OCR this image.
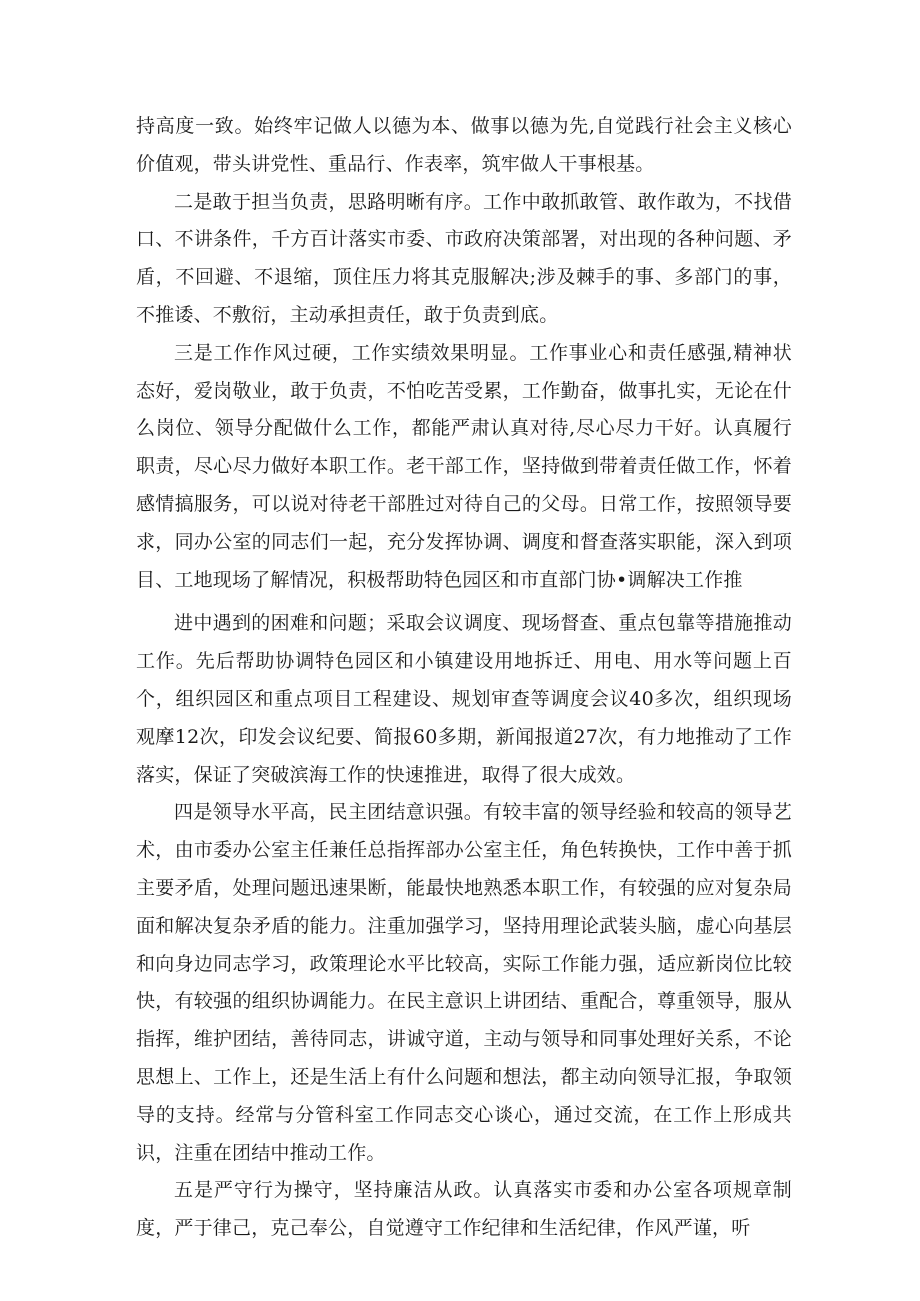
持高度一致。始终牢记做人以德为本、做事以德为先,自觉践行社会主义核心价值观，带头讲党性、重品行、作表率，筑牢做人干事根基。

二是敢于担当负责，思路明晰有序。工作中敢抓敢管、敢作敢为，不找借口、不讲条件，千方百计落实市委、市政府决策部署，对出现的各种问题、矛盾，不回避、不退缩，顶住压力将其克服解决;涉及棘手的事、多部门的事，不推诿、不敷衍，主动承担责任，敢于负责到底。

三是工作作风过硬，工作实绩效果明显。工作事业心和责任感强,精神状态好，爱岗敬业，敢于负责，不怕吃苦受累，工作勤奋，做事扎实，无论在什么岗位、领导分配做什么工作，都能严肃认真对待,尽心尽力干好。认真履行职责，尽心尽力做好本职工作。老干部工作，坚持做到带着责任做工作，怀着感情搞服务，可以说对待老干部胜过对待自己的父母。日常工作，按照领导要求，同办公室的同志们一起，充分发挥协调、调度和督查落实职能，深入到项目、工地现场了解情况，积极帮助特色园区和市直部门协•调解决工作推

进中遇到的困难和问题；采取会议调度、现场督查、重点包靠等措施推动工作。先后帮助协调特色园区和小镇建设用地拆迁、用电、用水等问题上百个，组织园区和重点项目工程建设、规划审查等调度会议40多次，组织现场观摩12次，印发会议纪要、简报60多期，新闻报道27次，有力地推动了工作落实，保证了突破滨海工作的快速推进，取得了很大成效。

四是领导水平高，民主团结意识强。有较丰富的领导经验和较高的领导艺术，由市委办公室主任兼任总指挥部办公室主任，角色转换快，工作中善于抓主要矛盾，处理问题迅速果断，能最快地熟悉本职工作，有较强的应对复杂局面和解决复杂矛盾的能力。注重加强学习，坚持用理论武装头脑，虚心向基层和向身边同志学习，政策理论水平比较高，实际工作能力强，适应新岗位比较快，有较强的组织协调能力。在民主意识上讲团结、重配合，尊重领导，服从指挥，维护团结，善待同志，讲诚守道，主动与领导和同事处理好关系，不论思想上、工作上，还是生活上有什么问题和想法，都主动向领导汇报，争取领导的支持。经常与分管科室工作同志交心谈心，通过交流，在工作上形成共识，注重在团结中推动工作。

五是严守行为操守，坚持廉洁从政。认真落实市委和办公室各项规章制度，严于律己，克己奉公，自觉遵守工作纪律和生活纪律，作风严谨，听
